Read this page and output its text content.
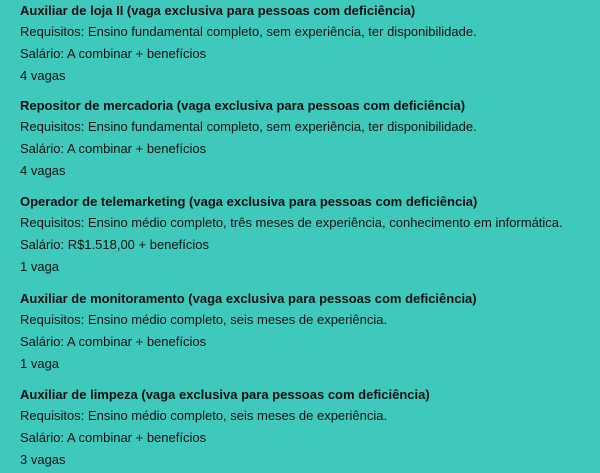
Auxiliar de loja II (vaga exclusiva para pessoas com deficiência)

Requisitos: Ensino fundamental completo, sem experiência, ter disponibilidade.

Salário: A combinar + benefícios

4 vagas

Repositor de mercadoria (vaga exclusiva para pessoas com deficiência)

Requisitos: Ensino fundamental completo, sem experiência, ter disponibilidade.

Salário: A combinar + benefícios

4 vagas

Operador de telemarketing (vaga exclusiva para pessoas com deficiência)

Requisitos: Ensino médio completo, três meses de experiência, conhecimento em informática.

Salário: R$1.518,00 + benefícios

1 vaga

Auxiliar de monitoramento (vaga exclusiva para pessoas com deficiência)

Requisitos: Ensino médio completo, seis meses de experiência.

Salário: A combinar + benefícios

1 vaga

Auxiliar de limpeza (vaga exclusiva para pessoas com deficiência)

Requisitos: Ensino médio completo, seis meses de experiência.

Salário: A combinar + benefícios

3 vagas
